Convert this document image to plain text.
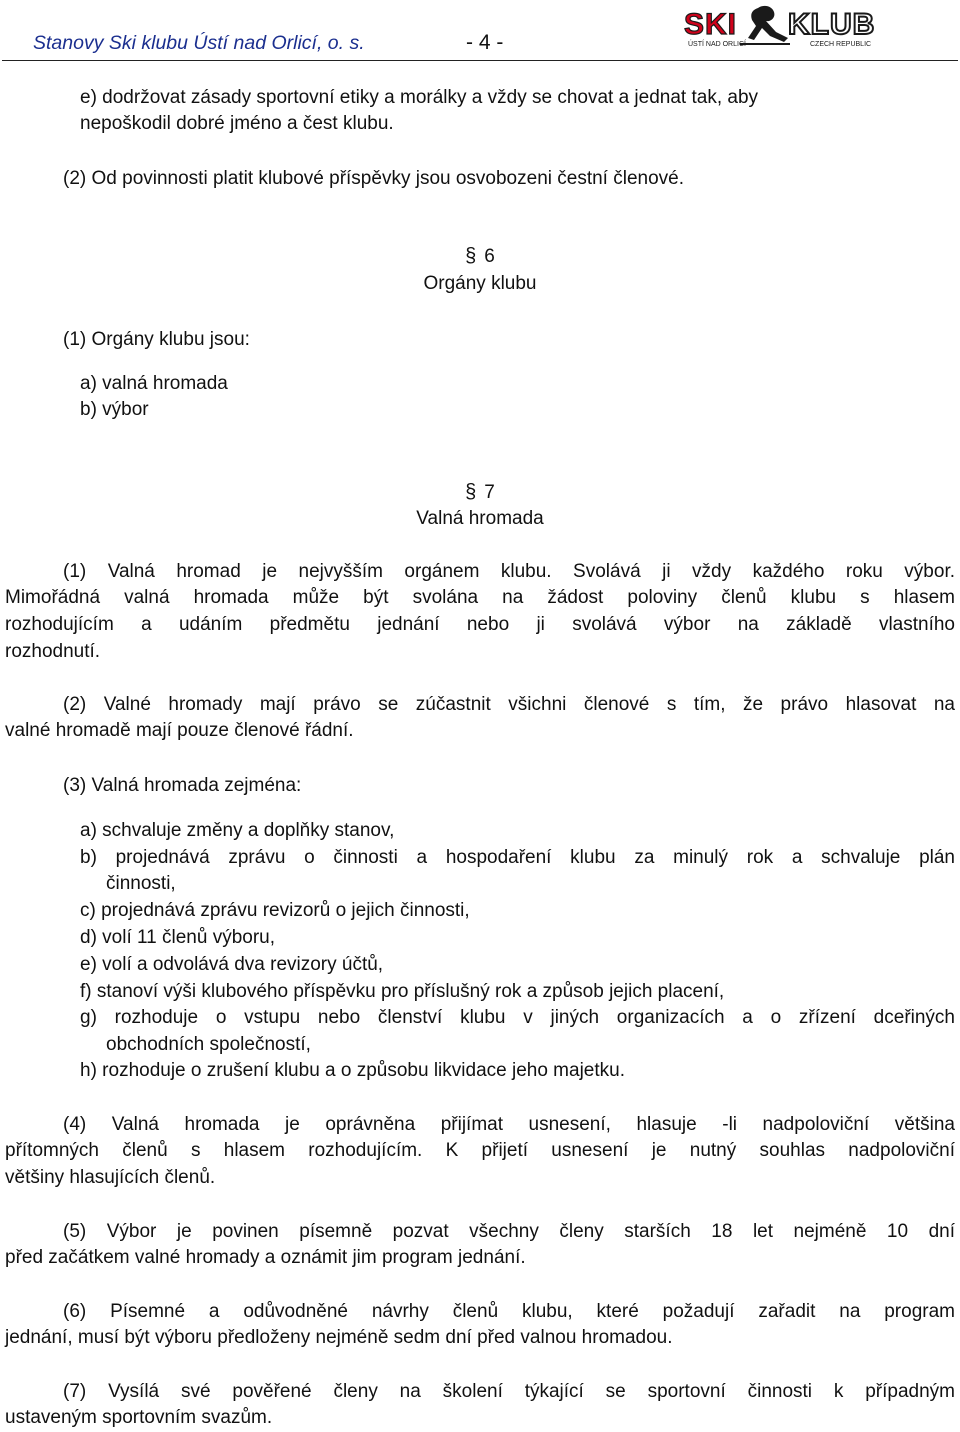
Stanovy Ski klubu Ústí nad Orlicí, o. s.	- 4 -
SKI KLUB
ÚSTÍ NAD ORLICÍ	CZECH REPUBLIC
e) dodržovat zásady sportovní etiky a morálky a vždy se chovat a jednat tak, aby
nepoškodil dobré jméno a čest klubu.
(2) Od povinnosti platit klubové příspěvky jsou osvobozeni čestní členové.
§ 6
Orgány klubu
(1) Orgány klubu jsou:
a) valná hromada
b) výbor
§ 7
Valná hromada
(1) Valná hromad je nejvyšším orgánem klubu. Svolává ji vždy každého roku výbor.
Mimořádná valná hromada může být svolána na žádost poloviny členů klubu s hlasem
rozhodujícím a udáním předmětu jednání nebo ji svolává výbor na základě vlastního
rozhodnutí.
(2) Valné hromady mají právo se zúčastnit všichni členové s tím, že právo hlasovat na
valné hromadě mají pouze členové řádní.
(3) Valná hromada zejména:
a) schvaluje změny a doplňky stanov,
b) projednává zprávu o činnosti a hospodaření klubu za minulý rok a schvaluje plán
činnosti,
c) projednává zprávu revizorů o jejich činnosti,
d) volí 11 členů výboru,
e) volí a odvolává dva revizory účtů,
f) stanoví výši klubového příspěvku pro příslušný rok a způsob jejich placení,
g) rozhoduje o vstupu nebo členství klubu v jiných organizacích a o zřízení dceřiných
obchodních společností,
h) rozhoduje o zrušení klubu a o způsobu likvidace jeho majetku.
(4) Valná hromada je oprávněna přijímat usnesení, hlasuje -li nadpoloviční většina
přítomných členů s hlasem rozhodujícím. K přijetí usnesení je nutný souhlas nadpoloviční
většiny hlasujících členů.
(5) Výbor je povinen písemně pozvat všechny členy starších 18 let nejméně 10 dní
před začátkem valné hromady a oznámit jim program jednání.
(6) Písemné a odůvodněné návrhy členů klubu, které požadují zařadit na program
jednání, musí být výboru předloženy nejméně sedm dní před valnou hromadou.
(7) Vysílá své pověřené členy na školení týkající se sportovní činnosti k případným
ustaveným sportovním svazům.
